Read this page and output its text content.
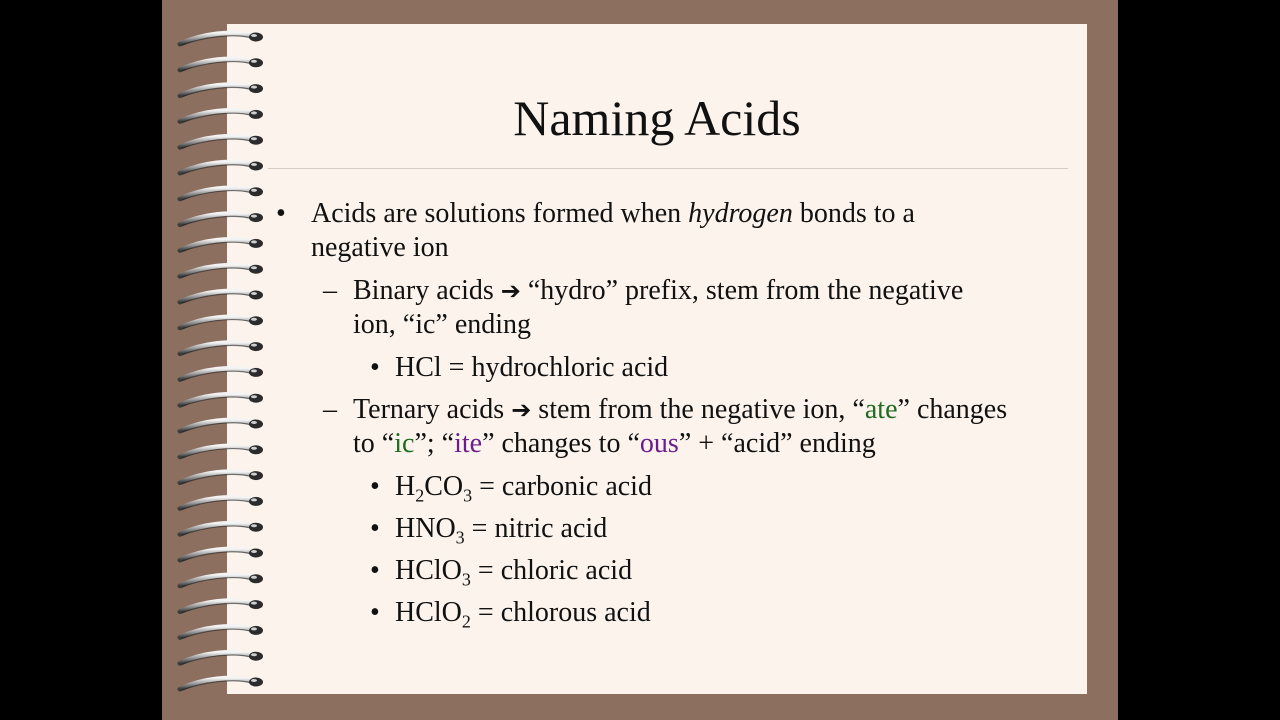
Naming Acids
• Acids are solutions formed when hydrogen bonds to a
negative ion
– Binary acids ➔ “hydro” prefix, stem from the negative
ion, “ic” ending
• HCl = hydrochloric acid
– Ternary acids ➔ stem from the negative ion, “ate” changes
to “ic”; “ite” changes to “ous” + “acid” ending
• $H_2CO_3$ = carbonic acid
• $HNO_3$ = nitric acid
• HClO$_3$ = chloric acid
• HClO$_2$ = chlorous acid
